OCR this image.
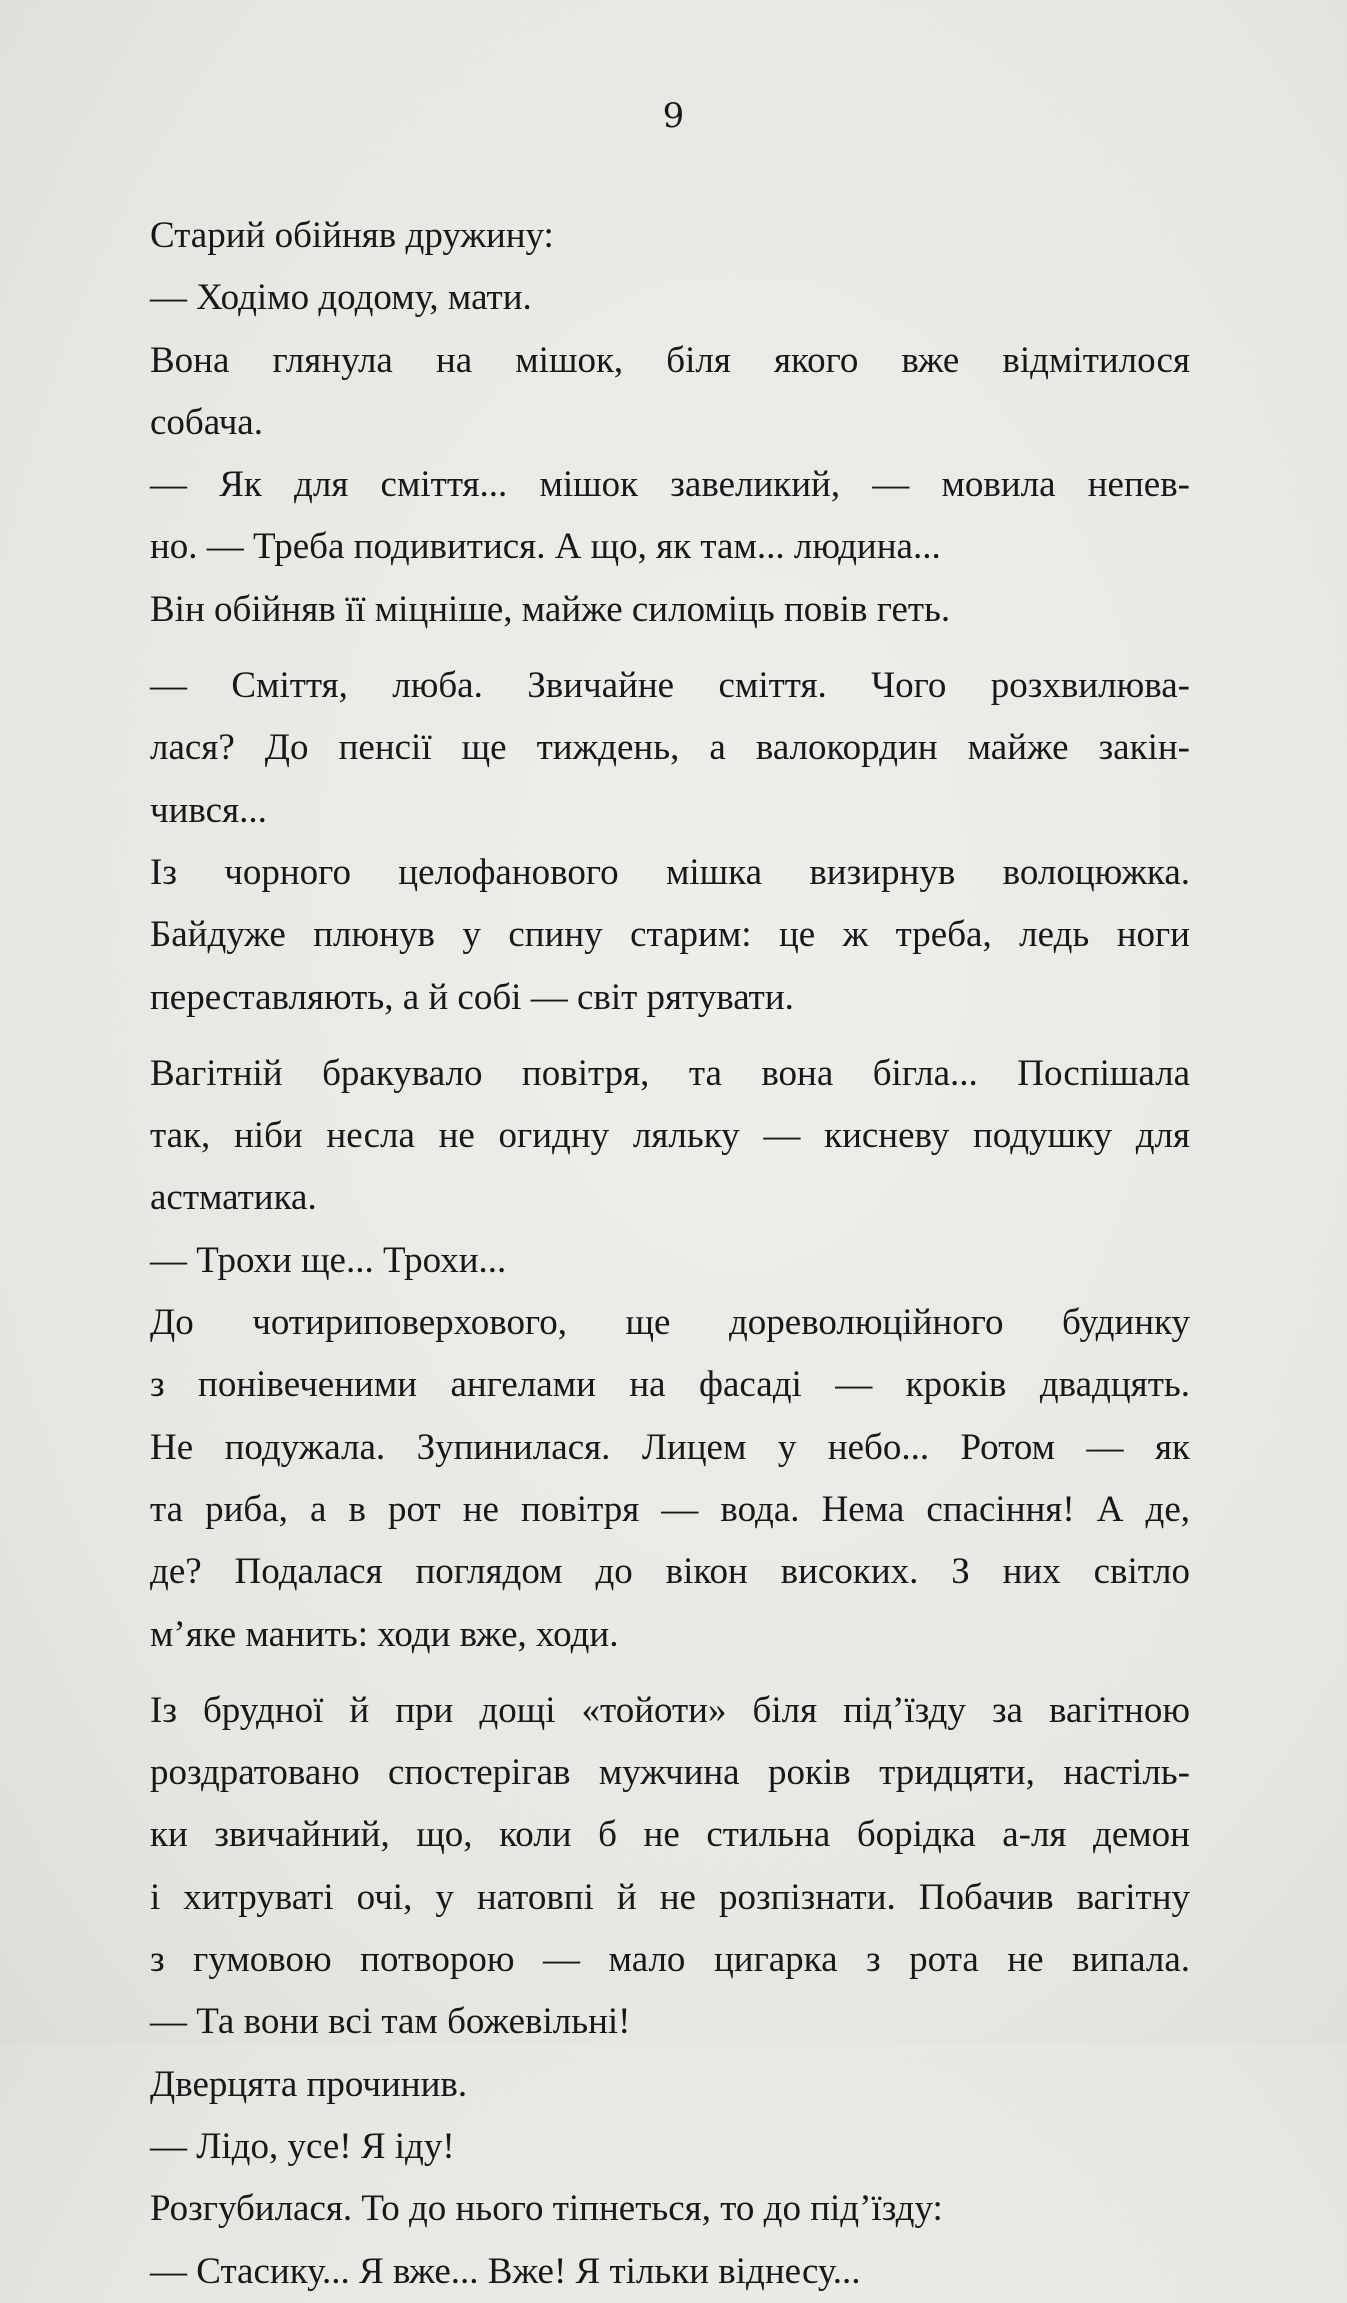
9
Старий обійняв дружину:
— Ходімо додому, мати.
Вона глянула на мішок, біля якого вже відмітилося
собача.
— Як для сміття... мішок завеликий, — мовила непев-
но. — Треба подивитися. А що, як там... людина...
Він обійняв її міцніше, майже силоміць повів геть.
— Сміття, люба. Звичайне сміття. Чого розхвилюва-
лася? До пенсії ще тиждень, а валокордин майже закін-
чився...
Із чорного целофанового мішка визирнув волоцюжка.
Байдуже плюнув у спину старим: це ж треба, ледь ноги
переставляють, а й собі — світ рятувати.
Вагітній бракувало повітря, та вона бігла... Поспішала
так, ніби несла не огидну ляльку — кисневу подушку для
астматика.
— Трохи ще... Трохи...
До чотириповерхового, ще дореволюційного будинку
з понівеченими ангелами на фасаді — кроків двадцять.
Не подужала. Зупинилася. Лицем у небо... Ротом — як
та риба, а в рот не повітря — вода. Нема спасіння! А де,
де? Подалася поглядом до вікон високих. З них світло
м’яке манить: ходи вже, ходи.
Із брудної й при дощі «тойоти» біля під’їзду за вагітною
роздратовано спостерігав мужчина років тридцяти, настіль-
ки звичайний, що, коли б не стильна борідка а-ля демон
і хитруваті очі, у натовпі й не розпізнати. Побачив вагітну
з гумовою потворою — мало цигарка з рота не випала.
— Та вони всі там божевільні!
Дверцята прочинив.
— Лідо, усе! Я іду!
Розгубилася. То до нього тіпнеться, то до під’їзду:
— Стасику... Я вже... Вже! Я тільки віднесу...
